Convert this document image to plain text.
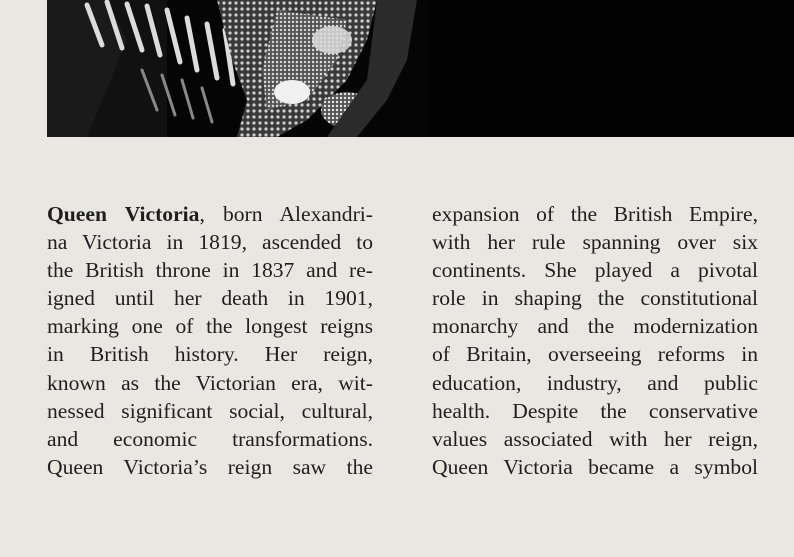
Queen Victoria, born Alexandri-
na Victoria in 1819, ascended to
the British throne in 1837 and re-
igned until her death in 1901,
marking one of the longest reigns
in British history. Her reign,
known as the Victorian era, wit-
nessed significant social, cultural,
and economic transformations.
Queen Victoria’s reign saw the
expansion of the British Empire,
with her rule spanning over six
continents. She played a pivotal
role in shaping the constitutional
monarchy and the modernization
of Britain, overseeing reforms in
education, industry, and public
health. Despite the conservative
values associated with her reign,
Queen Victoria became a symbol
